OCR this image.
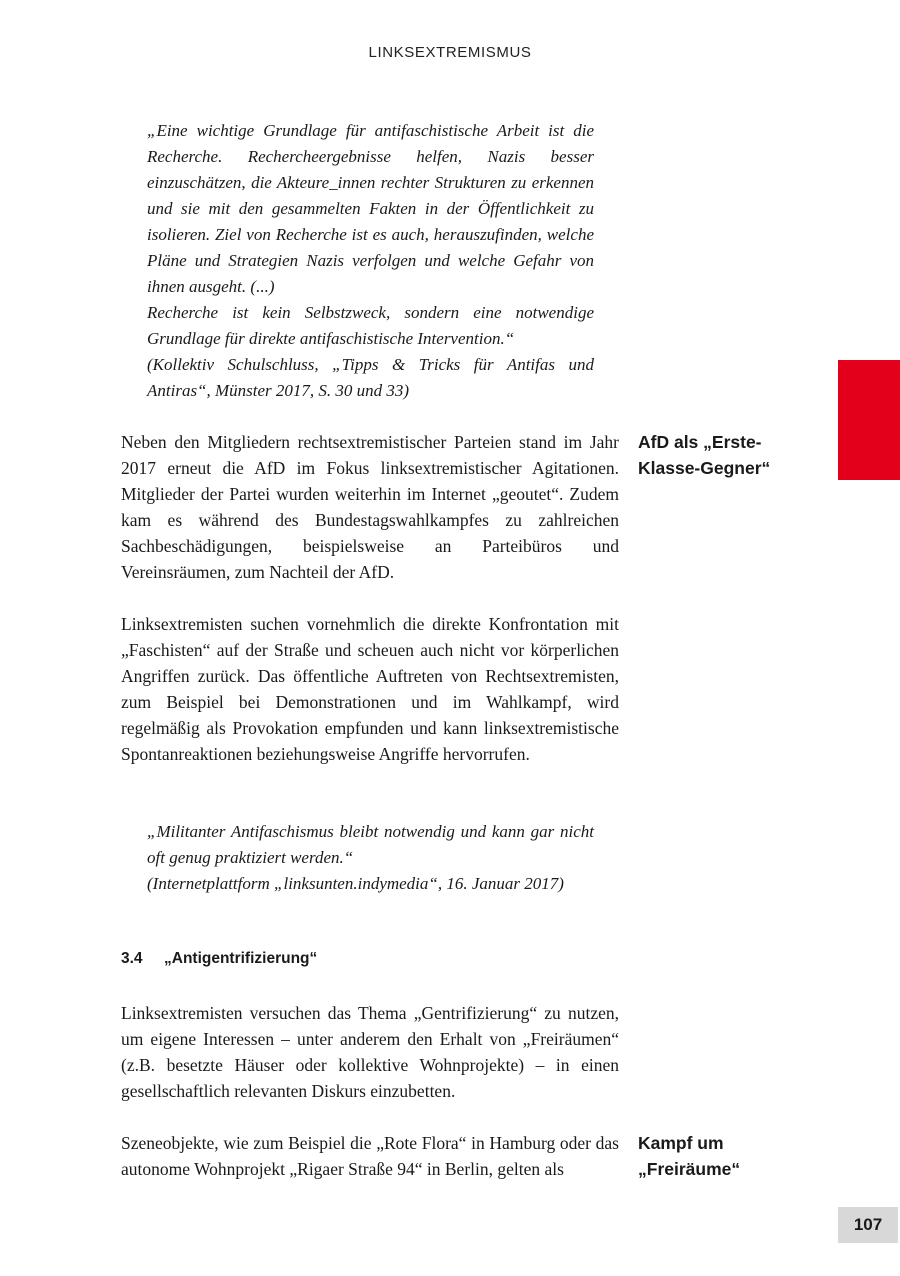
LINKSEXTREMISMUS

„Eine wichtige Grundlage für antifaschistische Arbeit ist die Recherche. Rechercheergebnisse helfen, Nazis besser einzuschätzen, die Akteure_innen rechter Strukturen zu erkennen und sie mit den gesammelten Fakten in der Öffentlichkeit zu isolieren. Ziel von Recherche ist es auch, herauszufinden, welche Pläne und Strategien Nazis verfolgen und welche Gefahr von ihnen ausgeht. (...)

Recherche ist kein Selbstzweck, sondern eine notwendige Grundlage für direkte antifaschistische Intervention.“

(Kollektiv Schulschluss, „Tipps & Tricks für Antifas und Antiras“, Münster 2017, S. 30 und 33)

Neben den Mitgliedern rechtsextremistischer Parteien stand im Jahr 2017 erneut die AfD im Fokus linksextremistischer Agitationen. Mitglieder der Partei wurden weiterhin im Internet „geoutet“. Zudem kam es während des Bundestagswahlkampfes zu zahlreichen Sachbeschädigungen, beispielsweise an Parteibüros und Vereinsräumen, zum Nachteil der AfD.

AfD als „Erste-
Klasse-Gegner“

Linksextremisten suchen vornehmlich die direkte Konfrontation mit „Faschisten“ auf der Straße und scheuen auch nicht vor körperlichen Angriffen zurück. Das öffentliche Auftreten von Rechtsextremisten, zum Beispiel bei Demonstrationen und im Wahlkampf, wird regelmäßig als Provokation empfunden und kann linksextremistische Spontanreaktionen beziehungsweise Angriffe hervorrufen.

„Militanter Antifaschismus bleibt notwendig und kann gar nicht oft genug praktiziert werden.“

(Internetplattform „linksunten.indymedia“, 16. Januar 2017)

3.4 „Antigentrifizierung“

Linksextremisten versuchen das Thema „Gentrifizierung“ zu nutzen, um eigene Interessen – unter anderem den Erhalt von „Freiräumen“ (z.B. besetzte Häuser oder kollektive Wohnprojekte) – in einen gesellschaftlich relevanten Diskurs einzubetten.

Szeneobjekte, wie zum Beispiel die „Rote Flora“ in Hamburg oder das autonome Wohnprojekt „Rigaer Straße 94“ in Berlin, gelten als

Kampf um
„Freiräume“
107
